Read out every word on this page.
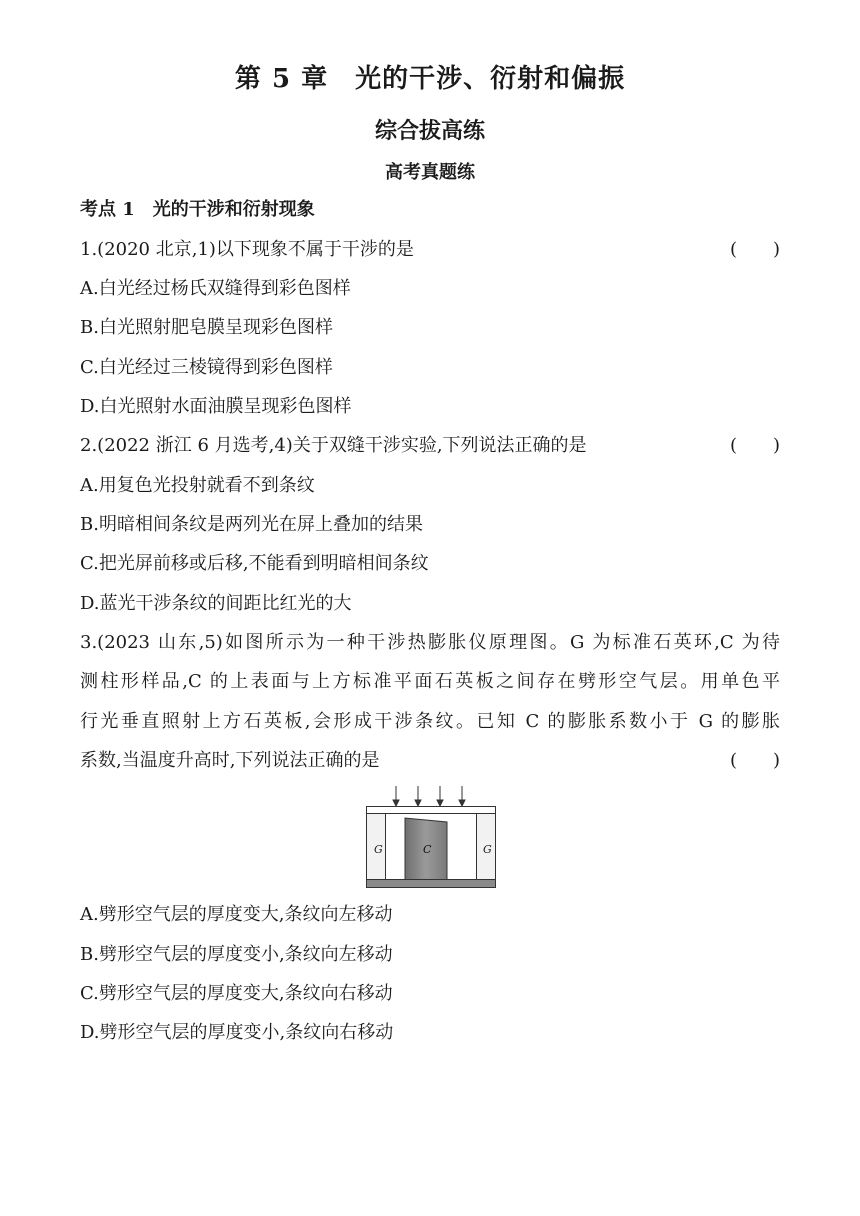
第 5 章　光的干涉、衍射和偏振
综合拔高练
高考真题练
考点 1　光的干涉和衍射现象
1.(2020 北京,1)以下现象不属于干涉的是	(　　)
A.白光经过杨氏双缝得到彩色图样
B.白光照射肥皂膜呈现彩色图样
C.白光经过三棱镜得到彩色图样
D.白光照射水面油膜呈现彩色图样
2.(2022 浙江 6 月选考,4)关于双缝干涉实验,下列说法正确的是	(　　)
A.用复色光投射就看不到条纹
B.明暗相间条纹是两列光在屏上叠加的结果
C.把光屏前移或后移,不能看到明暗相间条纹
D.蓝光干涉条纹的间距比红光的大
3.(2023 山东,5)如图所示为一种干涉热膨胀仪原理图。G 为标准石英环,C 为待
测柱形样品,C 的上表面与上方标准平面石英板之间存在劈形空气层。用单色平
行光垂直照射上方石英板,会形成干涉条纹。已知 C 的膨胀系数小于 G 的膨胀
系数,当温度升高时,下列说法正确的是	(　　)
G	G
C
A.劈形空气层的厚度变大,条纹向左移动
B.劈形空气层的厚度变小,条纹向左移动
C.劈形空气层的厚度变大,条纹向右移动
D.劈形空气层的厚度变小,条纹向右移动
